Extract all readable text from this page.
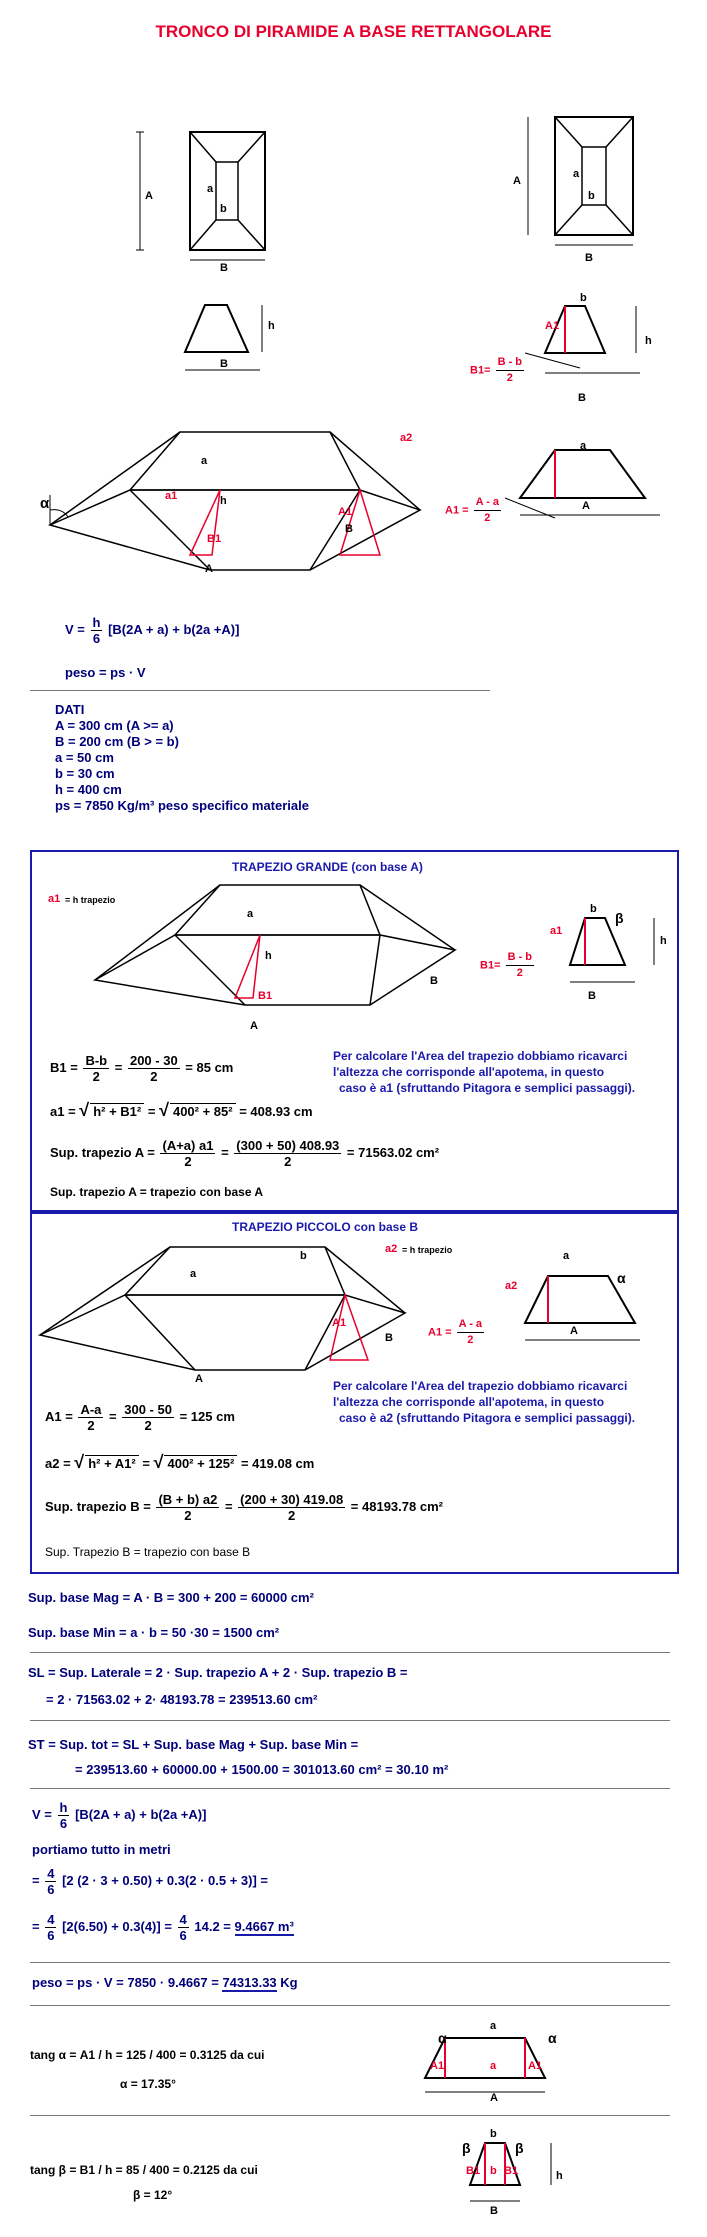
TRONCO DI PIRAMIDE A BASE RETTANGOLARE
A
a
b
B
A
a
b
B
h
B
b
A1
h
B
$B1= \frac{B - b}{2}$
α
a
a1	h
B1
a2
A1
B
A
a
A
$A1 = \frac{A - a}{2}$
$V = \frac{h}{6} [B(2A + a) + b(2a +A)]$
peso = ps · V
DATI
A = 300 cm (A >= a)
B = 200 cm (B > = b)
a = 50 cm
b = 30 cm
h = 400 cm
ps = 7850 Kg/m³ peso specifico materiale
TRAPEZIO GRANDE (con base A)
a1 = h trapezio
a
h
B1
B
A
b
a1
β
h
B
$B1= \frac{B - b}{2}$
$B1 = \frac{B-b}{2} = \frac{200 - 30}{2} = 85$ cm
a1 = √ h² + B1² = √ 400² + 85² = 408.93 cm
Per calcolare l'Area del trapezio dobbiamo ricavarci
l'altezza che corrisponde all'apotema, in questo
caso è a1 (sfruttando Pitagora e semplici passaggi).
Sup. trapezio $A = \frac{(A+a) a1}{2} = \frac{(300 + 50) 408.93}{2} = 71563.02$ cm²
Sup. trapezio A = trapezio con base A
TRAPEZIO PICCOLO con base B
a
b
a2 = h trapezio
A1
B
A
a
a2	α
A
$A1 = \frac{A - a}{2}$
Per calcolare l'Area del trapezio dobbiamo ricavarci
l'altezza che corrisponde all'apotema, in questo
caso è a2 (sfruttando Pitagora e semplici passaggi).
$A1 = \frac{A-a}{2} = \frac{300 - 50}{2} = 125$ cm
a2 = √ h² + A1² = √ 400² + 125² = 419.08 cm
Sup. trapezio $B = \frac{(B + b) a2}{2} = \frac{(200 + 30) 419.08}{2} = 48193.78$ cm²
Sup. Trapezio B = trapezio con base B
Sup. base Mag = A · B = 300 + 200 = 60000 cm²
Sup. base Min = a · b = 50 ·30 = 1500 cm²
SL = Sup. Laterale = 2 · Sup. trapezio A + 2 · Sup. trapezio B =
= 2 · 71563.02 + 2· 48193.78 = 239513.60 cm²
ST = Sup. tot = SL + Sup. base Mag + Sup. base Min =
= 239513.60 + 60000.00 + 1500.00 = 301013.60 cm² = 30.10 m²
$V = \frac{h}{6} [B(2A + a) + b(2a +A)]$
portiamo tutto in metri
= $\frac{4}{6} [2$ (2 · 3 + 0.50) + 0.3(2 · 0.5 + 3)] =
= $\frac{4}{6} [2(6.50) + 0.3(4)] = \frac{4}{6} 14.2 = 9.4667$ m³
peso = ps · V = 7850 · 9.4667 = 74313.33 Kg
tang α = A1 / h = 125 / 400 = 0.3125 da cui
α = 17.35°
a
α	α
A1	a	A1
A
tang β = B1 / h = 85 / 400 = 0.2125 da cui
β = 12°
b
β	β
h
B1 b B1
B
